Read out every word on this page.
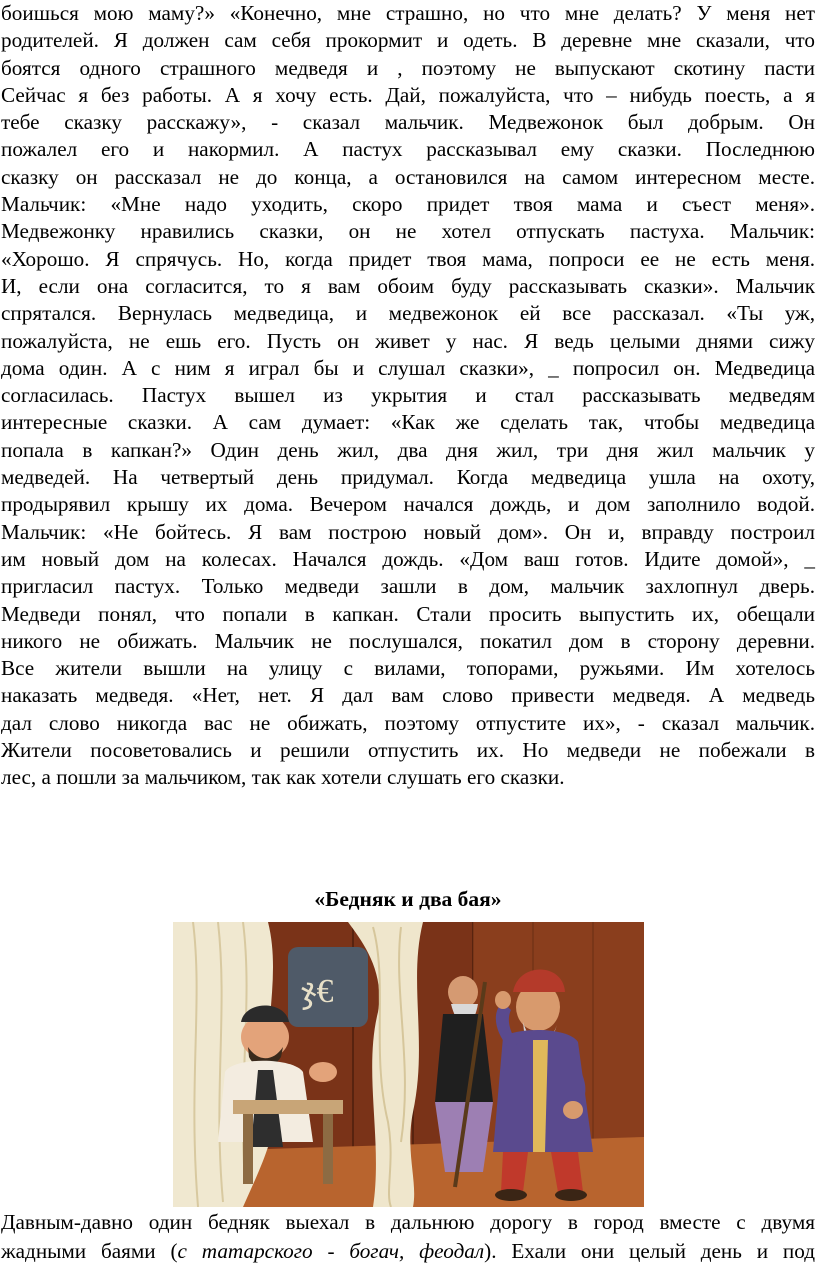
боишься мою маму?» «Конечно, мне страшно, но что мне делать? У меня нет
родителей. Я должен сам себя прокормит и одеть. В деревне мне сказали, что
боятся одного страшного медведя и , поэтому не выпускают скотину пасти
Сейчас я без работы. А я хочу есть. Дай, пожалуйста, что – нибудь поесть, а я
тебе сказку расскажу», - сказал мальчик. Медвежонок был добрым. Он
пожалел его и накормил. А пастух рассказывал ему сказки. Последнюю
сказку он рассказал не до конца, а остановился на самом интересном месте.
Мальчик: «Мне надо уходить, скоро придет твоя мама и съест меня».
Медвежонку нравились сказки, он не хотел отпускать пастуха. Мальчик:
«Хорошо. Я спрячусь. Но, когда придет твоя мама, попроси ее не есть меня.
И, если она согласится, то я вам обоим буду рассказывать сказки». Мальчик
спрятался. Вернулась медведица, и медвежонок ей все рассказал. «Ты уж,
пожалуйста, не ешь его. Пусть он живет у нас. Я ведь целыми днями сижу
дома один. А с ним я играл бы и слушал сказки», _ попросил он. Медведица
согласилась. Пастух вышел из укрытия и стал рассказывать медведям
интересные сказки. А сам думает: «Как же сделать так, чтобы медведица
попала в капкан?» Один день жил, два дня жил, три дня жил мальчик у
медведей. На четвертый день придумал. Когда медведица ушла на охоту,
продырявил крышу их дома. Вечером начался дождь, и дом заполнило водой.
Мальчик: «Не бойтесь. Я вам построю новый дом». Он и, вправду построил
им новый дом на колесах. Начался дождь. «Дом ваш готов. Идите домой», _
пригласил пастух. Только медведи зашли в дом, мальчик захлопнул дверь.
Медведи понял, что попали в капкан. Стали просить выпустить их, обещали
никого не обижать. Мальчик не послушался, покатил дом в сторону деревни.
Все жители вышли на улицу с вилами, топорами, ружьями. Им хотелось
наказать медведя. «Нет, нет. Я дал вам слово привести медведя. А медведь
дал слово никогда вас не обижать, поэтому отпустите их», - сказал мальчик.
Жители посоветовались и решили отпустить их. Но медведи не побежали в
лес, а пошли за мальчиком, так как хотели слушать его сказки.
«Бедняк и два бая»
ჯ€
Давным-давно один бедняк выехал в дальнюю дорогу в город вместе с двумя
жадными баями (с татарского - богач, феодал). Ехали они целый день и под
